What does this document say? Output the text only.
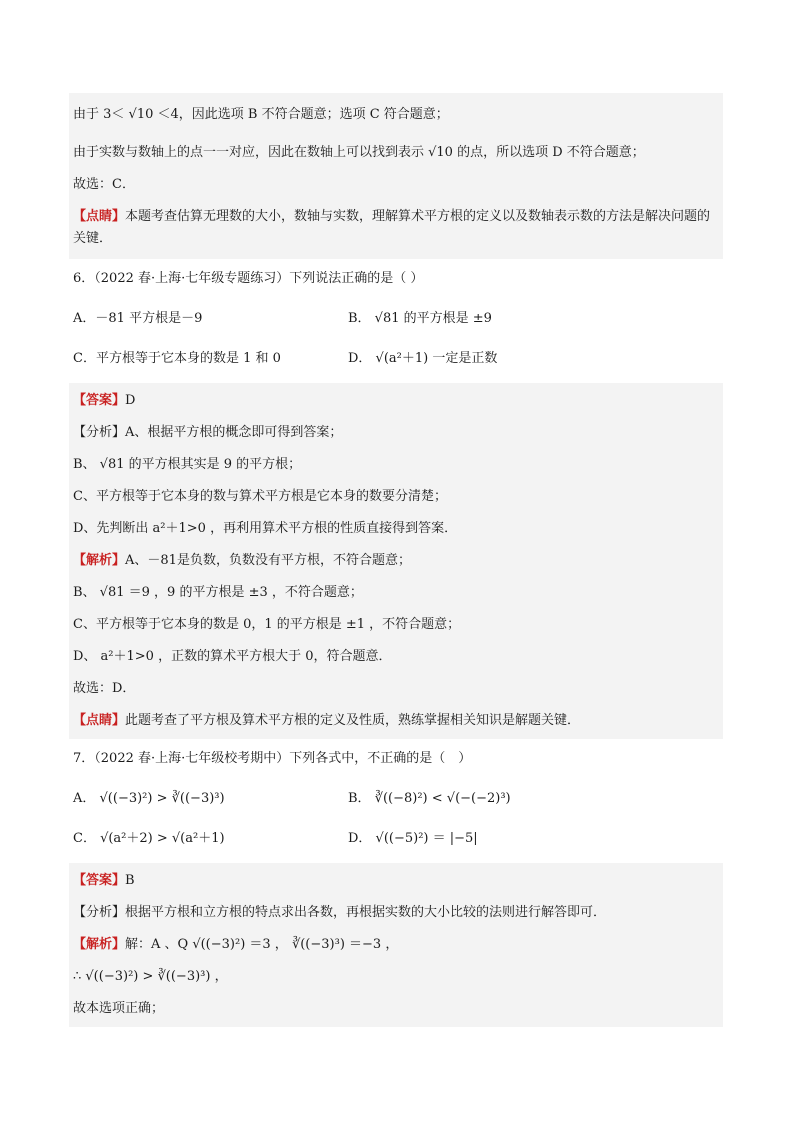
由于 3＜ √10 ＜4，因此选项 B 不符合题意；选项 C 符合题意；

由于实数与数轴上的点一一对应，因此在数轴上可以找到表示 √10 的点，所以选项 D 不符合题意；

故选：C．

【点睛】本题考查估算无理数的大小，数轴与实数，理解算术平方根的定义以及数轴表示数的方法是解决问题的关键．

6．（2022 春·上海·七年级专题练习）下列说法正确的是（ ）

A．－81 平方根是－9	B． √81 的平方根是 ±9
C．平方根等于它本身的数是 1 和 0	D． √(a²＋1) 一定是正数

【答案】D

【分析】A、根据平方根的概念即可得到答案；

B、 √81 的平方根其实是 9 的平方根；

C、平方根等于它本身的数与算术平方根是它本身的数要分清楚；

D、先判断出 a²＋1>0 ，再利用算术平方根的性质直接得到答案．

【解析】A、－81是负数，负数没有平方根，不符合题意；

B、 √81 ＝9 ，9 的平方根是 ±3 ，不符合题意；

C、平方根等于它本身的数是 0，1 的平方根是 ±1 ，不符合题意；

D、 a²＋1>0 ，正数的算术平方根大于 0，符合题意．

故选：D．

【点睛】此题考查了平方根及算术平方根的定义及性质，熟练掌握相关知识是解题关键．

7．（2022 春·上海·七年级校考期中）下列各式中，不正确的是（　）

A． √((−3)²) > ∛((−3)³)	B． ∛((−8)²) < √(−(−2)³)
C． √(a²＋2) > √(a²＋1)	D． √((−5)²) ＝ |−5|

【答案】B

【分析】根据平方根和立方根的特点求出各数，再根据实数的大小比较的法则进行解答即可．

【解析】解：A 、Q √((−3)²) ＝3 ， ∛((−3)³) ＝−3 ，

∴ √((−3)²) > ∛((−3)³) ，

故本选项正确；
